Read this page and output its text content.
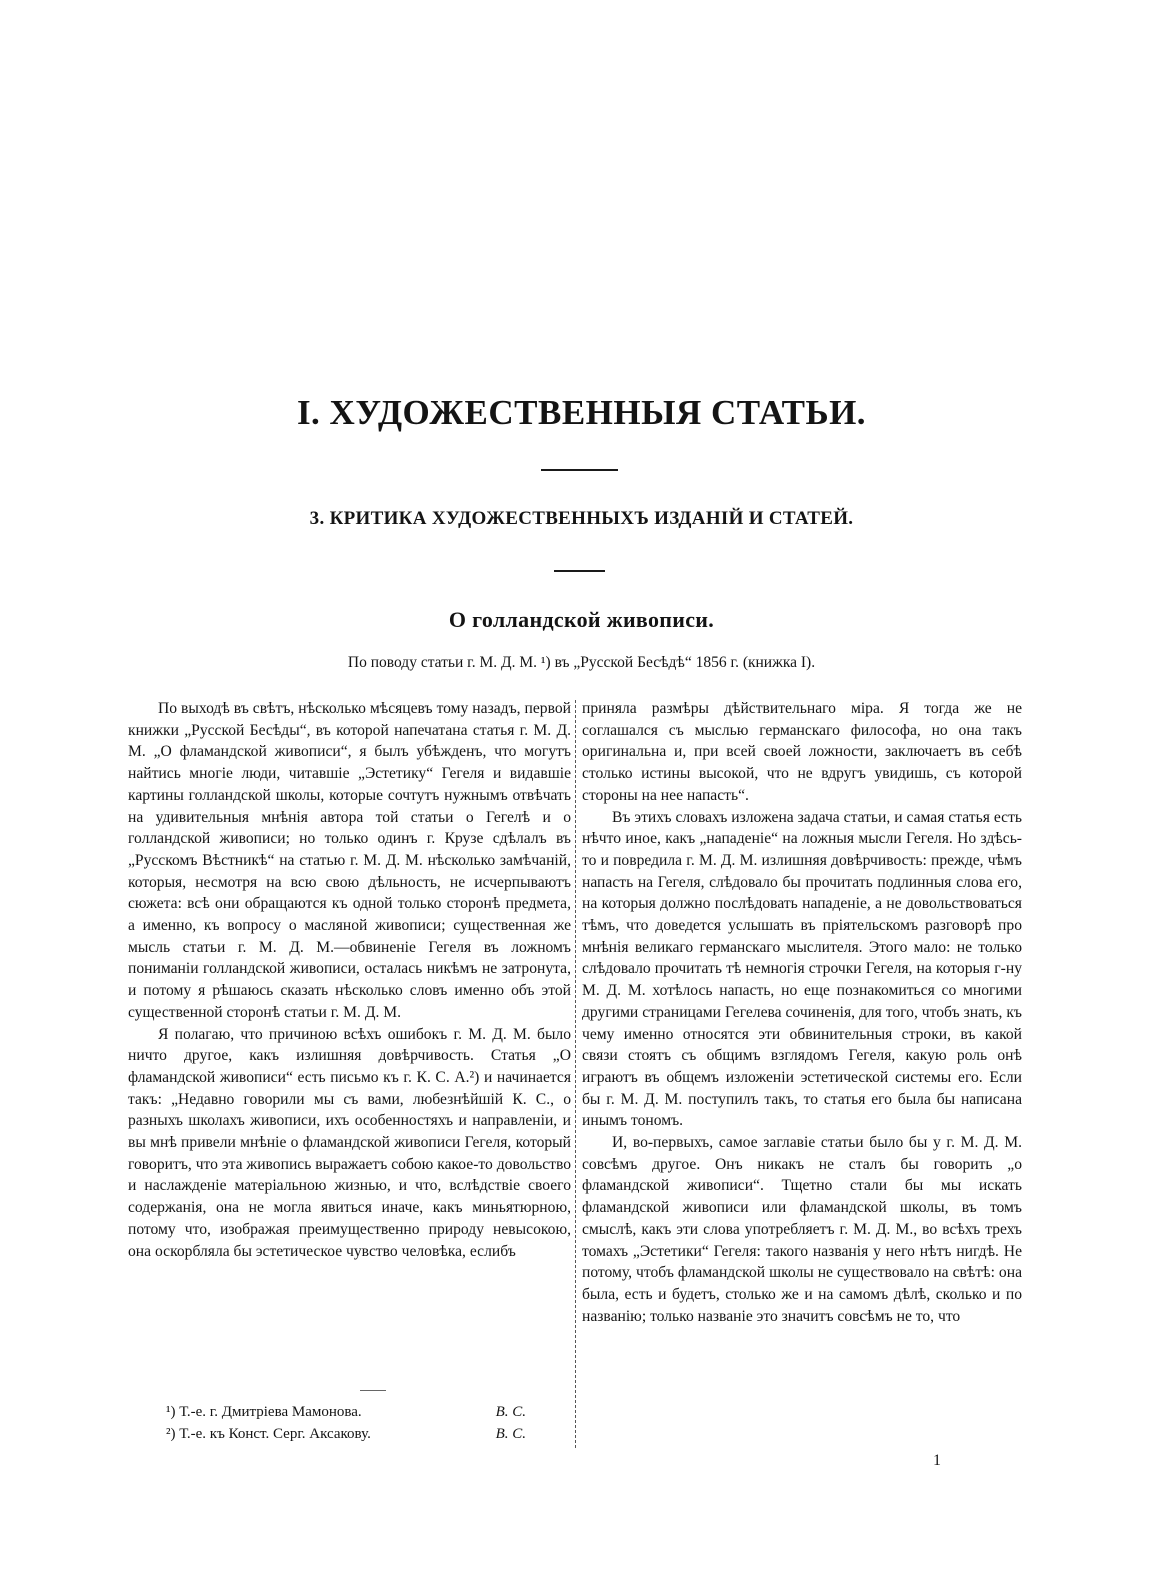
I. ХУДОЖЕСТВЕННЫЯ СТАТЬИ.
3. КРИТИКА ХУДОЖЕСТВЕННЫХЪ ИЗДАНІЙ И СТАТЕЙ.
О голландской живописи.

По поводу статьи г. М. Д. М. ¹) въ „Русской Бесѣдѣ“ 1856 г. (книжка I).

По выходѣ въ свѣтъ, нѣсколько мѣсяцевъ тому назадъ, первой книжки „Русской Бесѣды“, въ которой напечатана статья г. М. Д. М. „О фламандской живописи“, я былъ убѣжденъ, что могутъ найтись многіе люди, читавшіе „Эстетику“ Гегеля и видавшіе картины голландской школы, которые сочтутъ нужнымъ отвѣчать на удивительныя мнѣнія автора той статьи о Гегелѣ и о голландской живописи; но только одинъ г. Крузе сдѣлалъ въ „Русскомъ Вѣстникѣ“ на статью г. М. Д. М. нѣсколько замѣчаній, которыя, несмотря на всю свою дѣльность, не исчерпываютъ сюжета: всѣ они обращаются къ одной только сторонѣ предмета, а именно, къ вопросу о масляной живописи; существенная же мысль статьи г. М. Д. М.—обвиненіе Гегеля въ ложномъ пониманіи голландской живописи, осталась никѣмъ не затронута, и потому я рѣшаюсь сказать нѣсколько словъ именно объ этой существенной сторонѣ статьи г. М. Д. М.

Я полагаю, что причиною всѣхъ ошибокъ г. М. Д. М. было ничто другое, какъ излишняя довѣрчивость. Статья „О фламандской живописи“ есть письмо къ г. К. С. А.²) и начинается такъ: „Недавно говорили мы съ вами, любезнѣйшій К. С., о разныхъ школахъ живописи, ихъ особенностяхъ и направленіи, и вы мнѣ привели мнѣніе о фламандской живописи Гегеля, который говоритъ, что эта живопись выражаетъ собою какое-то довольство и наслажденіе матеріальною жизнью, и что, вслѣдствіе своего содержанія, она не могла явиться иначе, какъ миньятюрною, потому что, изображая преимущественно природу невысокою, она оскорбляла бы эстетическое чувство человѣка, еслибъ

приняла размѣры дѣйствительнаго міра. Я тогда же не соглашался съ мыслью германскаго философа, но она такъ оригинальна и, при всей своей ложности, заключаетъ въ себѣ столько истины высокой, что не вдругъ увидишь, съ которой стороны на нее напасть“.

Въ этихъ словахъ изложена задача статьи, и самая статья есть нѣчто иное, какъ „нападеніе“ на ложныя мысли Гегеля. Но здѣсь-то и повредила г. М. Д. М. излишняя довѣрчивость: прежде, чѣмъ напасть на Гегеля, слѣдовало бы прочитать подлинныя слова его, на которыя должно послѣдовать нападеніе, а не довольствоваться тѣмъ, что доведется услышать въ пріятельскомъ разговорѣ про мнѣнія великаго германскаго мыслителя. Этого мало: не только слѣдовало прочитать тѣ немногія строчки Гегеля, на которыя г-ну М. Д. М. хотѣлось напасть, но еще познакомиться со многими другими страницами Гегелева сочиненія, для того, чтобъ знать, къ чему именно относятся эти обвинительныя строки, въ какой связи стоятъ съ общимъ взглядомъ Гегеля, какую роль онѣ играютъ въ общемъ изложеніи эстетической системы его. Если бы г. М. Д. М. поступилъ такъ, то статья его была бы написана инымъ тономъ.

И, во-первыхъ, самое заглавіе статьи было бы у г. М. Д. М. совсѣмъ другое. Онъ никакъ не сталъ бы говорить „о фламандской живописи“. Тщетно стали бы мы искать фламандской живописи или фламандской школы, въ томъ смыслѣ, какъ эти слова употребляетъ г. М. Д. М., во всѣхъ трехъ томахъ „Эстетики“ Гегеля: такого названія у него нѣтъ нигдѣ. Не потому, чтобъ фламандской школы не существовало на свѣтѣ: она была, есть и будетъ, столько же и на самомъ дѣлѣ, сколько и по названію; только названіе это значитъ совсѣмъ не то, что

¹) Т.-е. г. Дмитріева Мамонова.	В. С.

²) Т.-е. къ Конст. Серг. Аксакову.	В. С.

1
